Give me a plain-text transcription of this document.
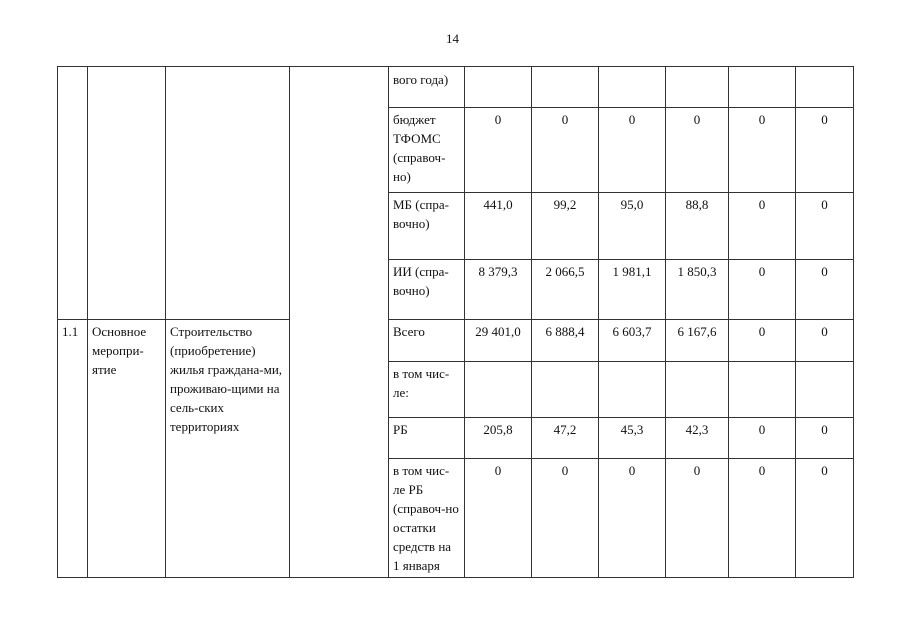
14
				вого года)						
				бюджет ТФОМС (справоч-но)	0	0	0	0	0	0
				МБ (спра-вочно)	441,0	99,2	95,0	88,8	0	0
				ИИ (спра-вочно)	8 379,3	2 066,5	1 981,1	1 850,3	0	0
1.1	Основное меропри-ятие	Строительство (приобретение) жилья граждана-ми, проживаю-щими на сель-ских территориях		Всего	29 401,0	6 888,4	6 603,7	6 167,6	0	0
				в том чис-ле:						
				РБ	205,8	47,2	45,3	42,3	0	0
				в том чис-ле РБ (справоч-но остатки средств на 1 января	0	0	0	0	0	0
